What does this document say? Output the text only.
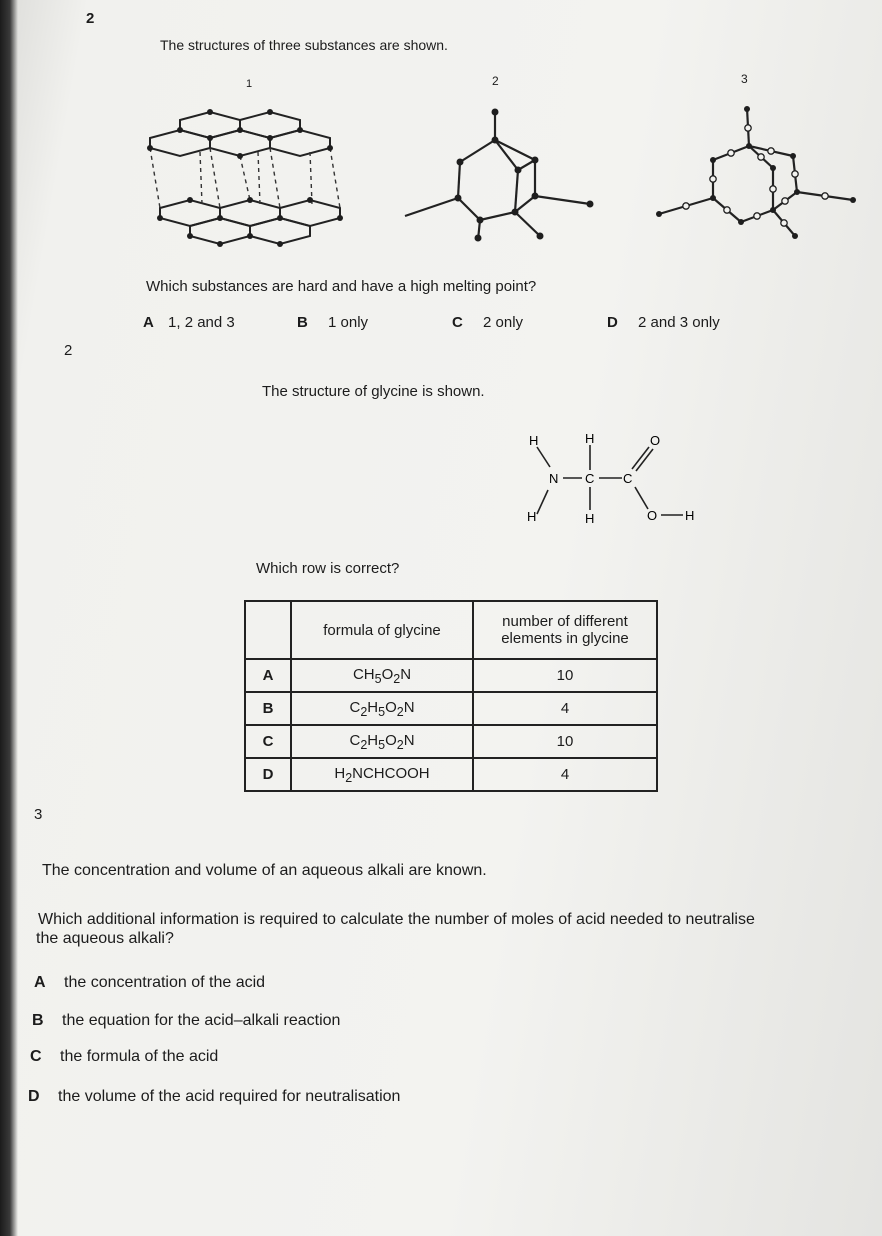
2
The structures of three substances are shown.
1	2	3
Which substances are hard and have a high melting point?
A 1, 2 and 3	B 1 only	C 2 only	D 2 and 3 only
2
The structure of glycine is shown.
H	H	O
N C C
H	H	O H
Which row is correct?
	formula of glycine	number of different elements in glycine
A	$CH_5O_2N$	10
B	$C_2H_5O_2N$	4
C	$C_2H_5O_2N$	10
D	$H_2NCHCOOH$	4
3
The concentration and volume of an aqueous alkali are known.
Which additional information is required to calculate the number of moles of acid needed to neutralise
the aqueous alkali?
A the concentration of the acid
B the equation for the acid–alkali reaction
C the formula of the acid
D the volume of the acid required for neutralisation
